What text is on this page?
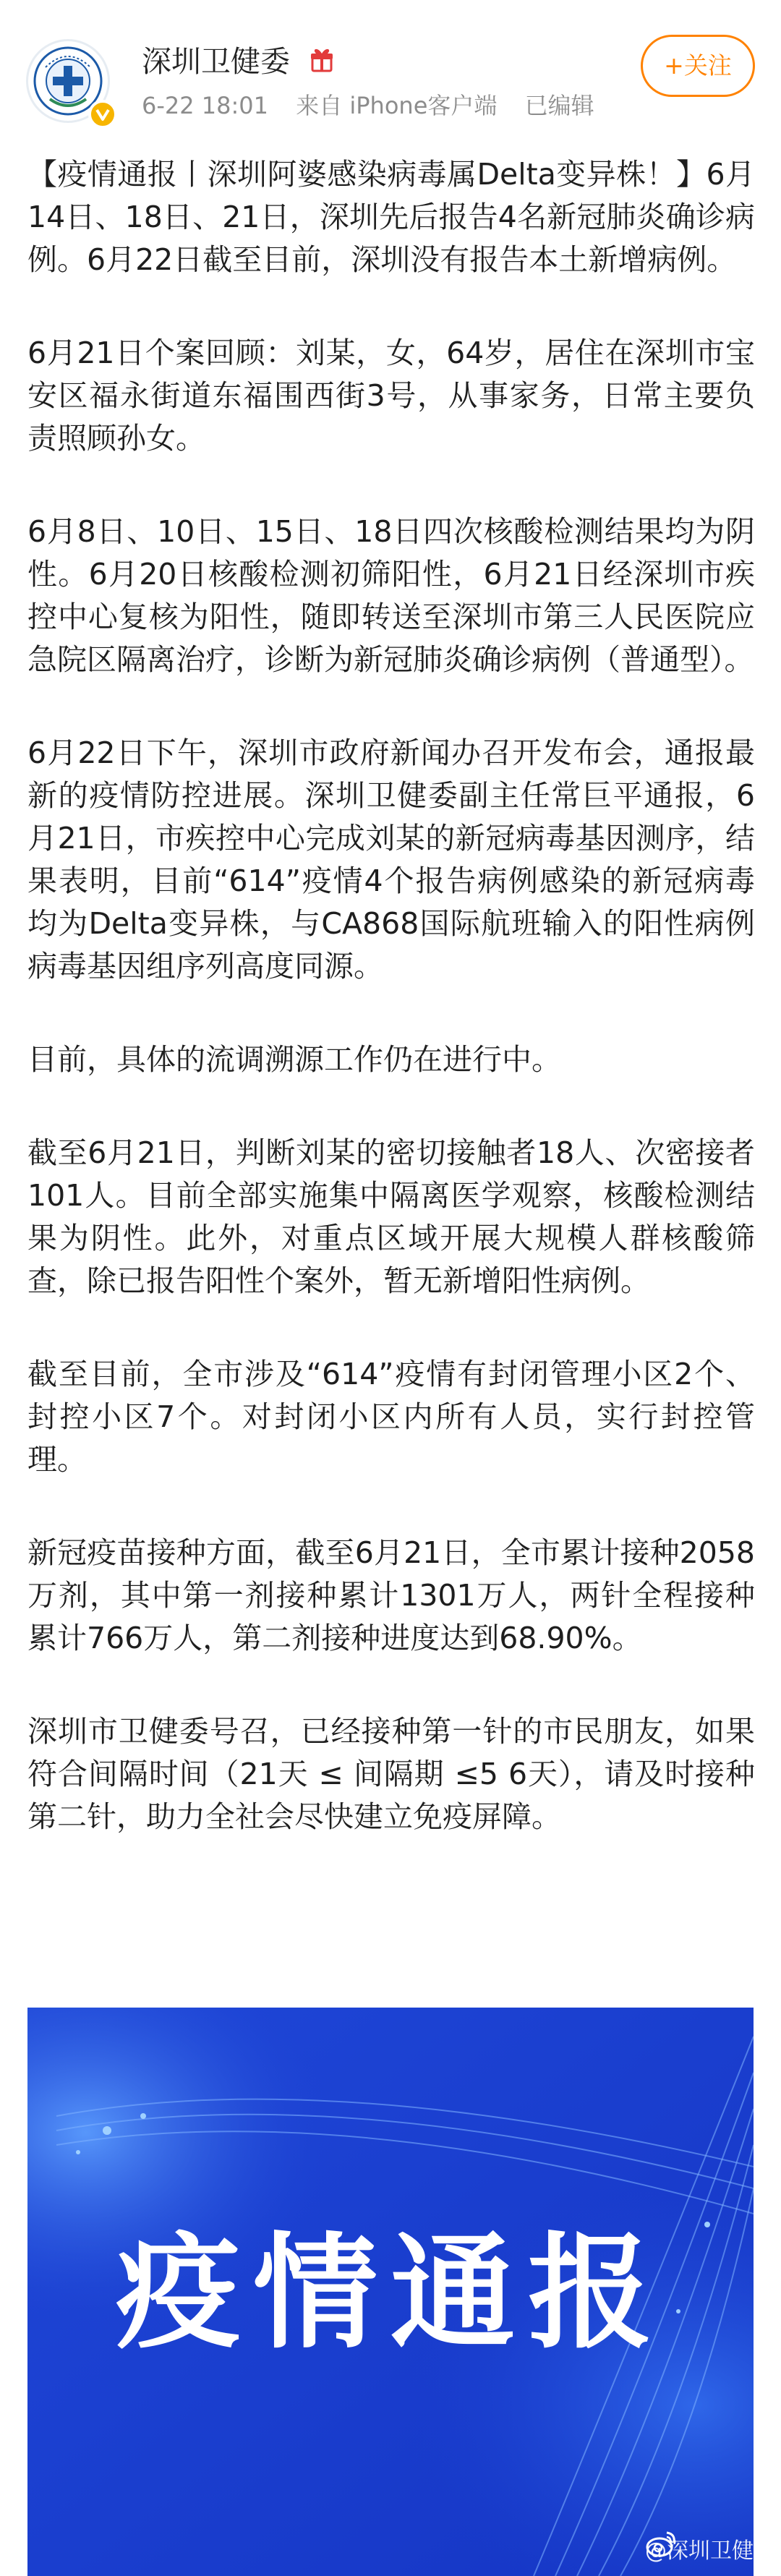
深圳卫健委
6-22 18:01 来自 iPhone客户端 已编辑
+关注

【疫情通报丨深圳阿婆感染病毒属Delta变异株！】6月14日、18日、21日，深圳先后报告4名新冠肺炎确诊病例。6月22日截至目前，深圳没有报告本土新增病例。

6月21日个案回顾：刘某，女，64岁，居住在深圳市宝安区福永街道东福围西街3号，从事家务，日常主要负责照顾孙女。

6月8日、10日、15日、18日四次核酸检测结果均为阴性。6月20日核酸检测初筛阳性，6月21日经深圳市疾控中心复核为阳性，随即转送至深圳市第三人民医院应急院区隔离治疗，诊断为新冠肺炎确诊病例（普通型）。

6月22日下午，深圳市政府新闻办召开发布会，通报最新的疫情防控进展。深圳卫健委副主任常巨平通报，6月21日，市疾控中心完成刘某的新冠病毒基因测序，结果表明，目前“614”疫情4个报告病例感染的新冠病毒均为Delta变异株，与CA868国际航班输入的阳性病例病毒基因组序列高度同源。

目前，具体的流调溯源工作仍在进行中。

截至6月21日，判断刘某的密切接触者18人、次密接者101人。目前全部实施集中隔离医学观察，核酸检测结果为阴性。此外，对重点区域开展大规模人群核酸筛查，除已报告阳性个案外，暂无新增阳性病例。

截至目前，全市涉及“614”疫情有封闭管理小区2个、封控小区7个。对封闭小区内所有人员，实行封控管理。

新冠疫苗接种方面，截至6月21日，全市累计接种2058万剂，其中第一剂接种累计1301万人，两针全程接种累计766万人，第二剂接种进度达到68.90%。

深圳市卫健委号召，已经接种第一针的市民朋友，如果符合间隔时间（21天 ≤ 间隔期 ≤5 6天），请及时接种第二针，助力全社会尽快建立免疫屏障。

疫情通报
@深圳卫健
